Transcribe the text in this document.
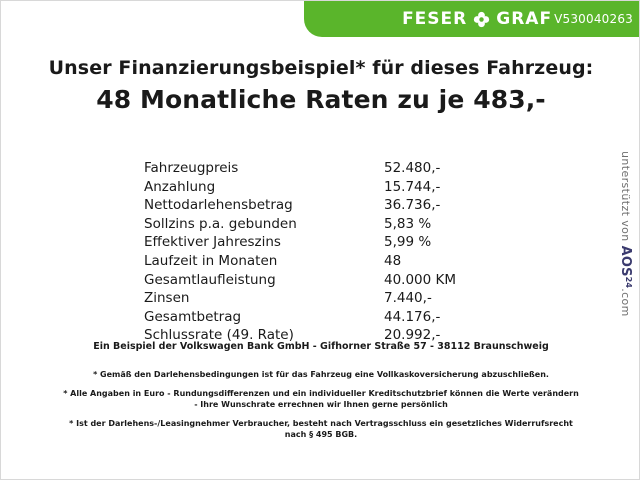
FESER GRAF V530040263
Unser Finanzierungsbeispiel* für dieses Fahrzeug:
48 Monatliche Raten zu je 483,-
Fahrzeugpreis	52.480,-
Anzahlung	15.744,-
Nettodarlehensbetrag	36.736,-
Sollzins p.a. gebunden	5,83 %
Effektiver Jahreszins	5,99 %
Laufzeit in Monaten	48
Gesamtlaufleistung	40.000 KM
Zinsen	7.440,-
Gesamtbetrag	44.176,-
Schlussrate (49. Rate)	20.992,-
Ein Beispiel der Volkswagen Bank GmbH - Gifhorner Straße 57 - 38112 Braunschweig
* Gemäß den Darlehensbedingungen ist für das Fahrzeug eine Vollkaskoversicherung abzuschließen.
* Alle Angaben in Euro - Rundungsdifferenzen und ein individueller Kreditschutzbrief können die Werte verändern
- Ihre Wunschrate errechnen wir Ihnen gerne persönlich
* Ist der Darlehens-/Leasingnehmer Verbraucher, besteht nach Vertragsschluss ein gesetzliches Widerrufsrecht
nach § 495 BGB.
unterstützt von AOS$^{24}$.com
